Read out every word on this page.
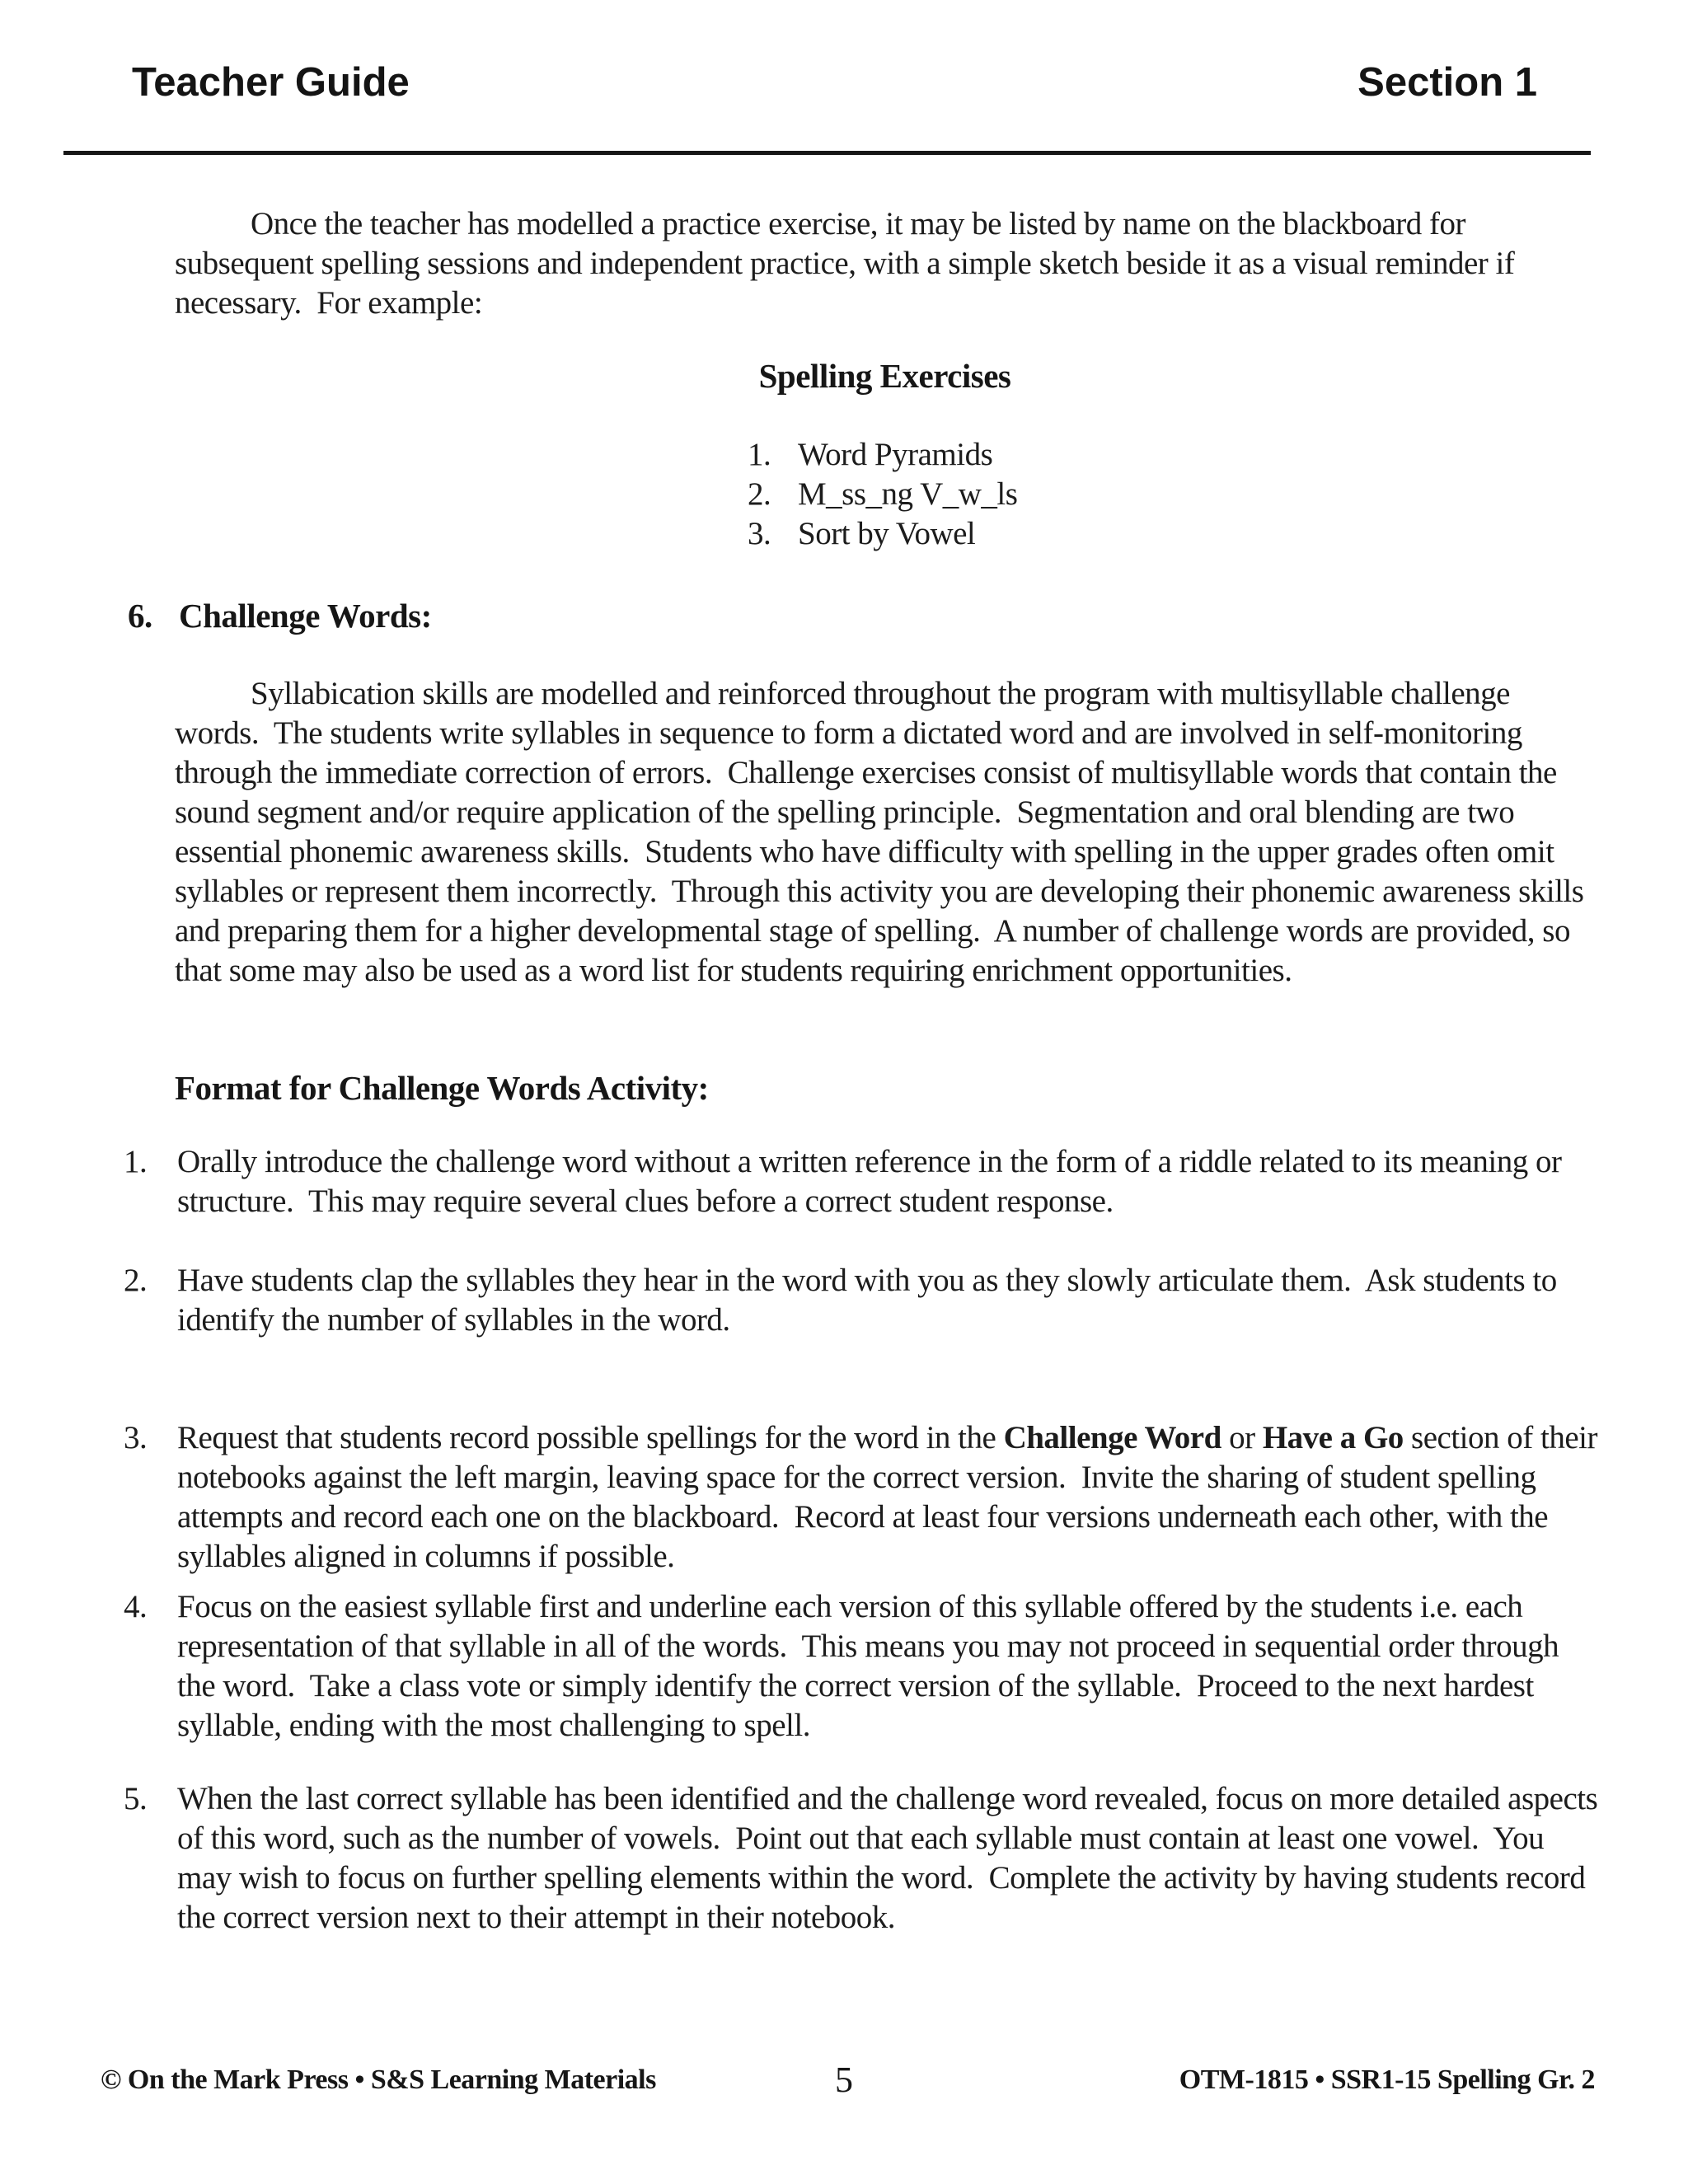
Teacher Guide	Section 1
Once the teacher has modelled a practice exercise, it may be listed by name on the blackboard for subsequent spelling sessions and independent practice, with a simple sketch beside it as a visual reminder if necessary.  For example:
Spelling Exercises
1. Word Pyramids
2. M_ss_ng V_w_ls
3. Sort by Vowel
6. Challenge Words:
Syllabication skills are modelled and reinforced throughout the program with multisyllable challenge words.  The students write syllables in sequence to form a dictated word and are involved in self-monitoring through the immediate correction of errors.  Challenge exercises consist of multisyllable words that contain the sound segment and/or require application of the spelling principle.  Segmentation and oral blending are two essential phonemic awareness skills.  Students who have difficulty with spelling in the upper grades often omit syllables or represent them incorrectly.  Through this activity you are developing their phonemic awareness skills and preparing them for a higher developmental stage of spelling.  A number of challenge words are provided, so that some may also be used as a word list for students requiring enrichment opportunities.
Format for Challenge Words Activity:
1. Orally introduce the challenge word without a written reference in the form of a riddle related to its meaning or structure.  This may require several clues before a correct student response.
2. Have students clap the syllables they hear in the word with you as they slowly articulate them.  Ask students to identify the number of syllables in the word.
3. Request that students record possible spellings for the word in the Challenge Word or Have a Go section of their notebooks against the left margin, leaving space for the correct version.  Invite the sharing of student spelling attempts and record each one on the blackboard.  Record at least four versions underneath each other, with the syllables aligned in columns if possible.
4. Focus on the easiest syllable first and underline each version of this syllable offered by the students i.e. each representation of that syllable in all of the words.  This means you may not proceed in sequential order through the word.  Take a class vote or simply identify the correct version of the syllable.  Proceed to the next hardest syllable, ending with the most challenging to spell.
5. When the last correct syllable has been identified and the challenge word revealed, focus on more detailed aspects of this word, such as the number of vowels.  Point out that each syllable must contain at least one vowel.  You may wish to focus on further spelling elements within the word.  Complete the activity by having students record the correct version next to their attempt in their notebook.
© On the Mark Press • S&S Learning Materials	5	OTM-1815 • SSR1-15 Spelling Gr. 2
